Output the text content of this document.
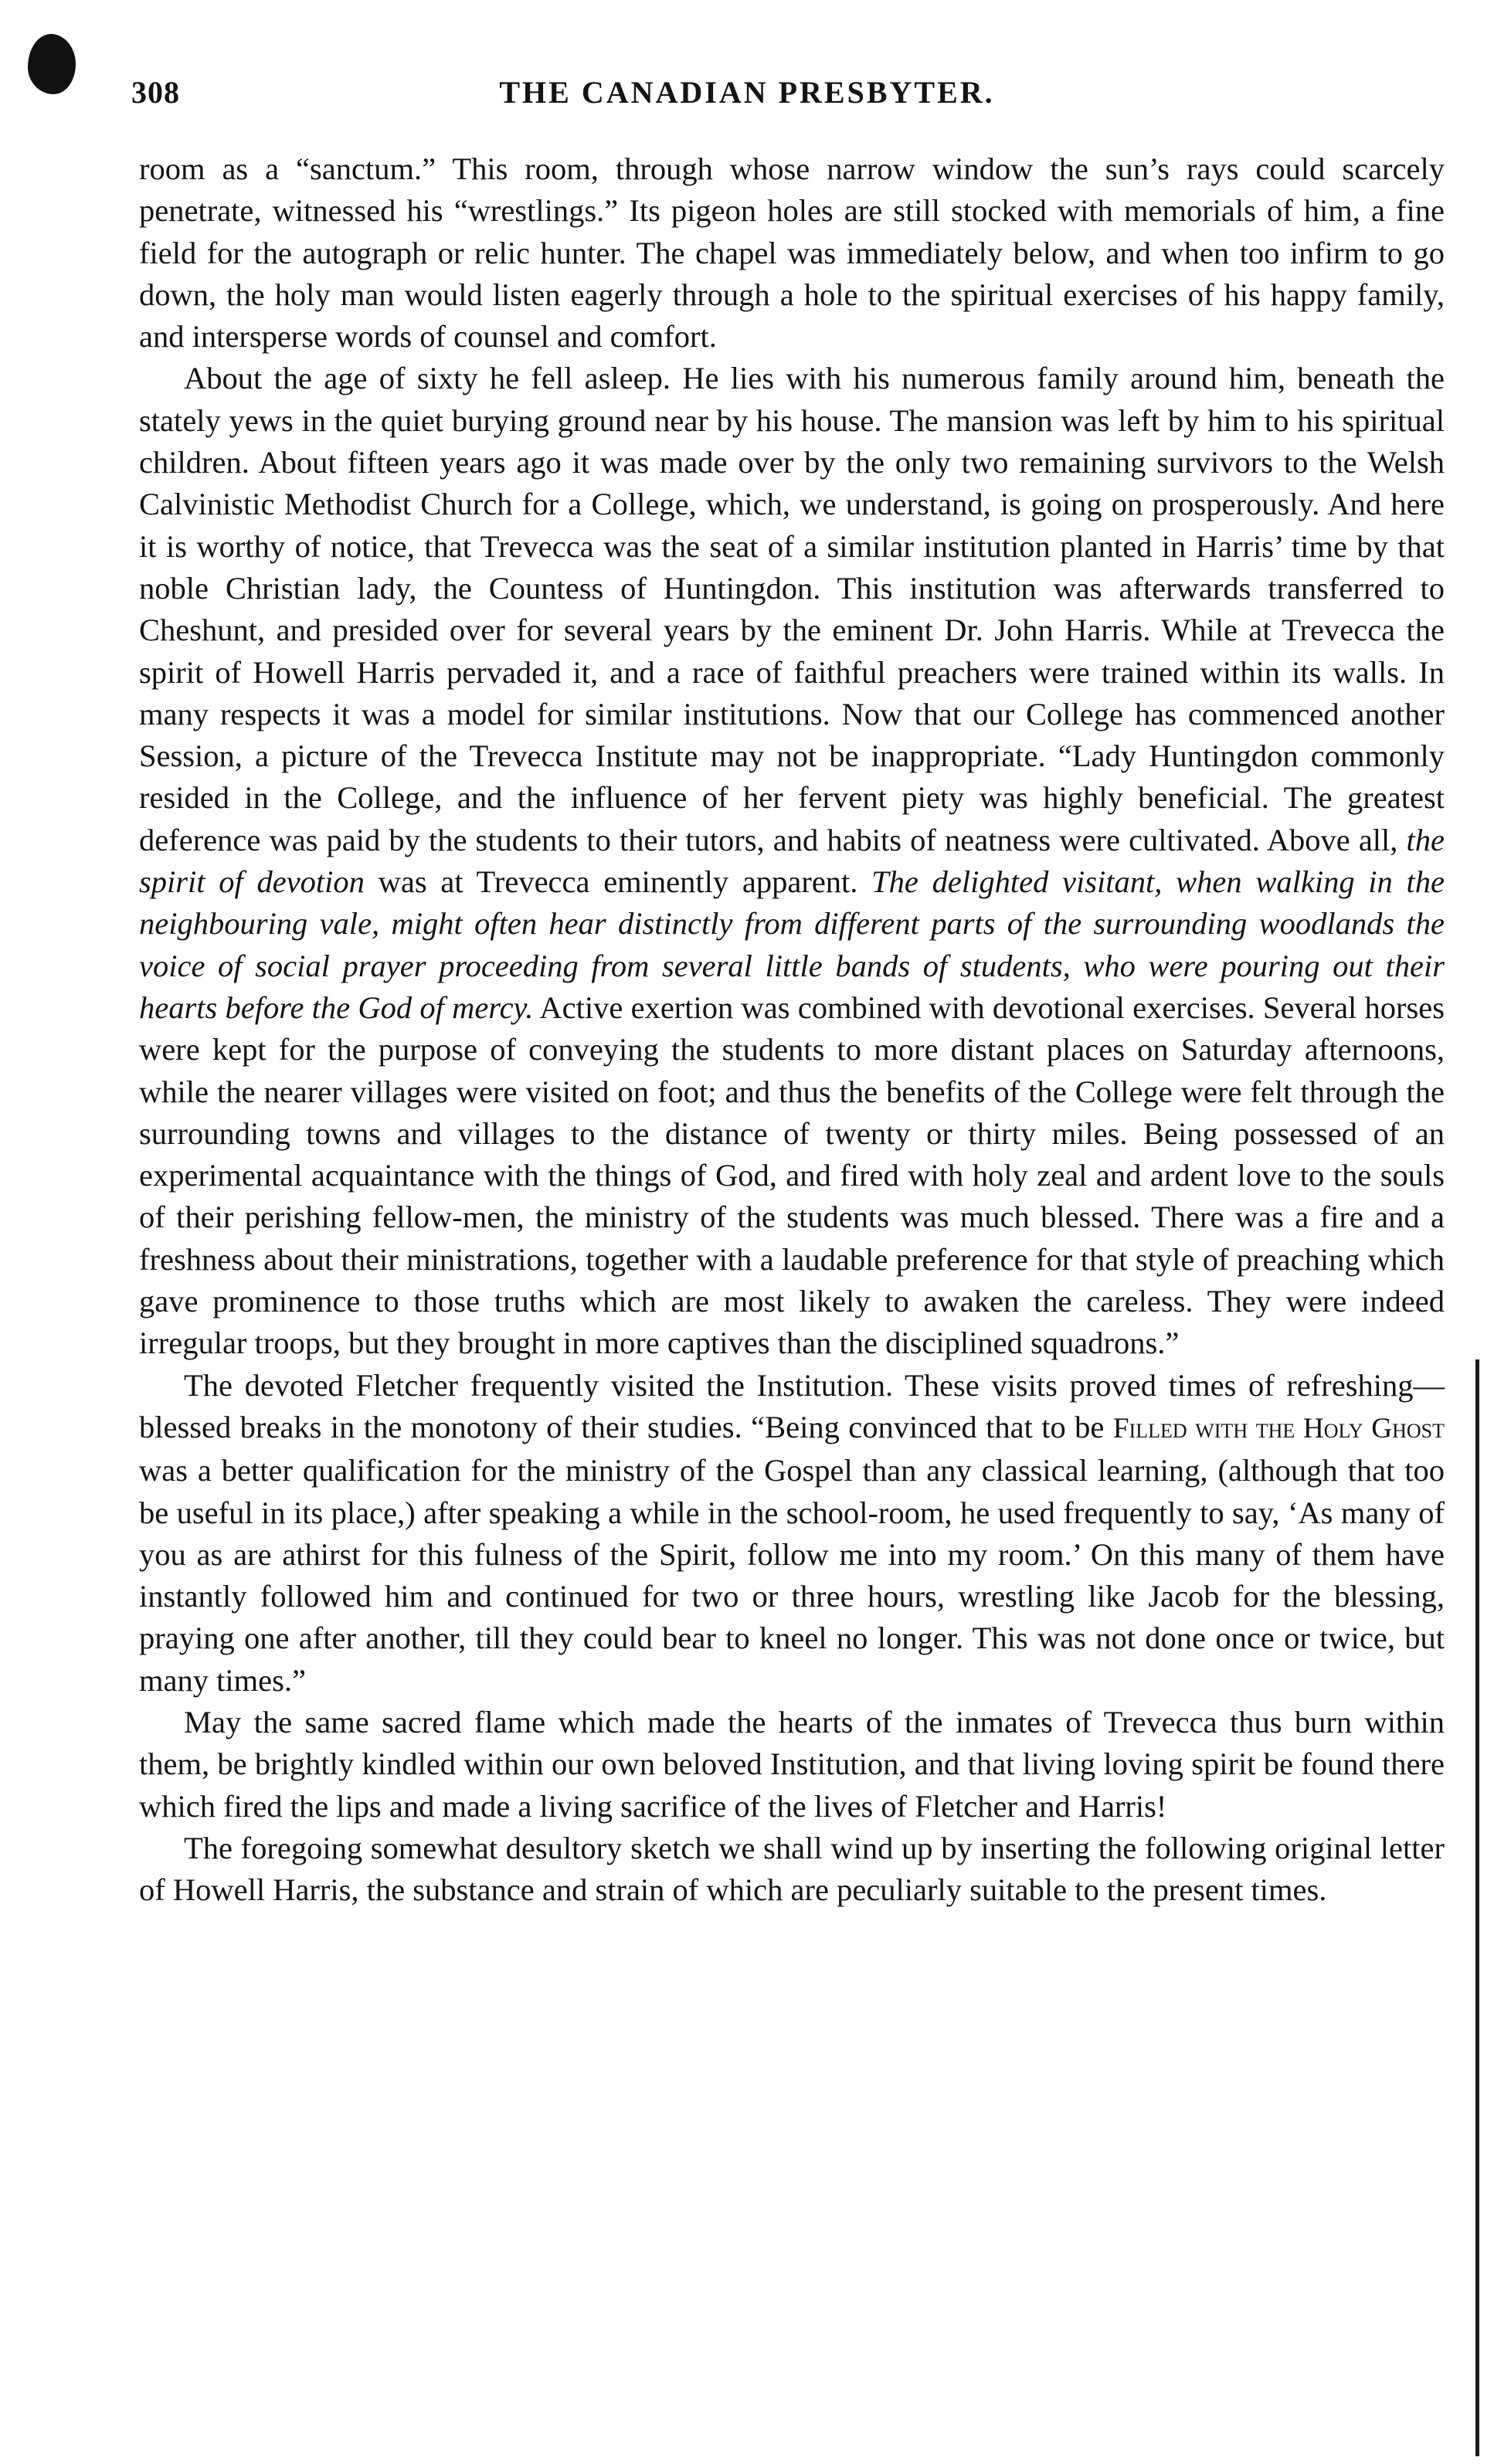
308	THE CANADIAN PRESBYTER.

room as a “sanctum.” This room, through whose narrow window the sun’s rays could scarcely penetrate, witnessed his “wrestlings.” Its pigeon holes are still stocked with memorials of him, a fine field for the autograph or relic hunter. The chapel was immediately below, and when too infirm to go down, the holy man would listen eagerly through a hole to the spiritual exercises of his happy family, and intersperse words of counsel and comfort.

About the age of sixty he fell asleep. He lies with his numerous family around him, beneath the stately yews in the quiet burying ground near by his house. The mansion was left by him to his spiritual children. About fifteen years ago it was made over by the only two remaining survivors to the Welsh Calvinistic Methodist Church for a College, which, we understand, is going on prosperously. And here it is worthy of notice, that Trevecca was the seat of a similar institution planted in Harris’ time by that noble Christian lady, the Countess of Huntingdon. This institution was afterwards transferred to Cheshunt, and presided over for several years by the eminent Dr. John Harris. While at Trevecca the spirit of Howell Harris pervaded it, and a race of faithful preachers were trained within its walls. In many respects it was a model for similar institutions. Now that our College has commenced another Session, a picture of the Trevecca Institute may not be inappropriate. “Lady Huntingdon commonly resided in the College, and the influence of her fervent piety was highly beneficial. The greatest deference was paid by the students to their tutors, and habits of neatness were cultivated. Above all, the spirit of devotion was at Trevecca eminently apparent. The delighted visitant, when walking in the neighbouring vale, might often hear distinctly from different parts of the surrounding woodlands the voice of social prayer proceeding from several little bands of students, who were pouring out their hearts before the God of mercy. Active exertion was combined with devotional exercises. Several horses were kept for the purpose of conveying the students to more distant places on Saturday afternoons, while the nearer villages were visited on foot; and thus the benefits of the College were felt through the surrounding towns and villages to the distance of twenty or thirty miles. Being possessed of an experimental acquaintance with the things of God, and fired with holy zeal and ardent love to the souls of their perishing fellow-men, the ministry of the students was much blessed. There was a fire and a freshness about their ministrations, together with a laudable preference for that style of preaching which gave prominence to those truths which are most likely to awaken the careless. They were indeed irregular troops, but they brought in more captives than the disciplined squadrons.”

The devoted Fletcher frequently visited the Institution. These visits proved times of refreshing—blessed breaks in the monotony of their studies. “Being convinced that to be Filled with the Holy Ghost was a better qualification for the ministry of the Gospel than any classical learning, (although that too be useful in its place,) after speaking a while in the school-room, he used frequently to say, ‘As many of you as are athirst for this fulness of the Spirit, follow me into my room.’ On this many of them have instantly followed him and continued for two or three hours, wrestling like Jacob for the blessing, praying one after another, till they could bear to kneel no longer. This was not done once or twice, but many times.”

May the same sacred flame which made the hearts of the inmates of Trevecca thus burn within them, be brightly kindled within our own beloved Institution, and that living loving spirit be found there which fired the lips and made a living sacrifice of the lives of Fletcher and Harris!

The foregoing somewhat desultory sketch we shall wind up by inserting the following original letter of Howell Harris, the substance and strain of which are peculiarly suitable to the present times.
